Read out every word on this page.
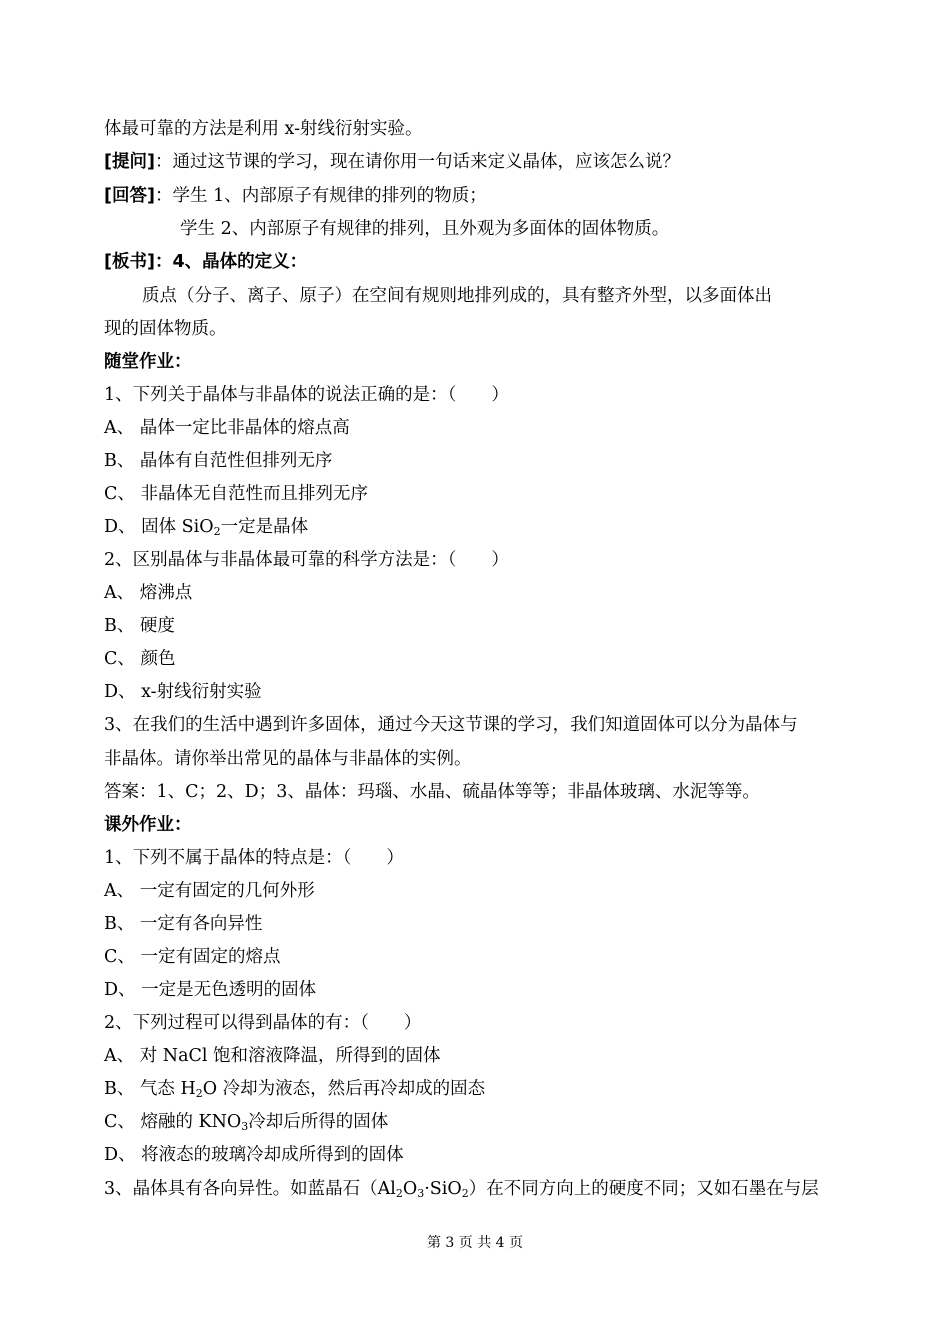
体最可靠的方法是利用 x-射线衍射实验。
[提问]：通过这节课的学习，现在请你用一句话来定义晶体，应该怎么说？
[回答]：学生 1、内部原子有规律的排列的物质；
学生 2、内部原子有规律的排列，且外观为多面体的固体物质。
[板书]：4、晶体的定义：
质点（分子、离子、原子）在空间有规则地排列成的，具有整齐外型，以多面体出
现的固体物质。
随堂作业：
1、下列关于晶体与非晶体的说法正确的是：（　　）
A、 晶体一定比非晶体的熔点高
B、 晶体有自范性但排列无序
C、 非晶体无自范性而且排列无序
D、 固体 SiO$_2$一定是晶体
2、区别晶体与非晶体最可靠的科学方法是：（　　）
A、 熔沸点
B、 硬度
C、 颜色
D、 x-射线衍射实验
3、在我们的生活中遇到许多固体，通过今天这节课的学习，我们知道固体可以分为晶体与
非晶体。请你举出常见的晶体与非晶体的实例。
答案：1、C；2、D；3、晶体：玛瑙、水晶、硫晶体等等；非晶体玻璃、水泥等等。
课外作业：
1、下列不属于晶体的特点是：（　　）
A、 一定有固定的几何外形
B、 一定有各向异性
C、 一定有固定的熔点
D、 一定是无色透明的固体
2、下列过程可以得到晶体的有：（　　）
A、 对 NaCl 饱和溶液降温，所得到的固体
B、 气态 $H_2O$ 冷却为液态，然后再冷却成的固态
C、 熔融的 $KNO_3$冷却后所得的固体
D、 将液态的玻璃冷却成所得到的固体
3、晶体具有各向异性。如蓝晶石$(Al_2O_3\cdot SiO_2)$在不同方向上的硬度不同；又如石墨在与层
第 3 页 共 4 页
